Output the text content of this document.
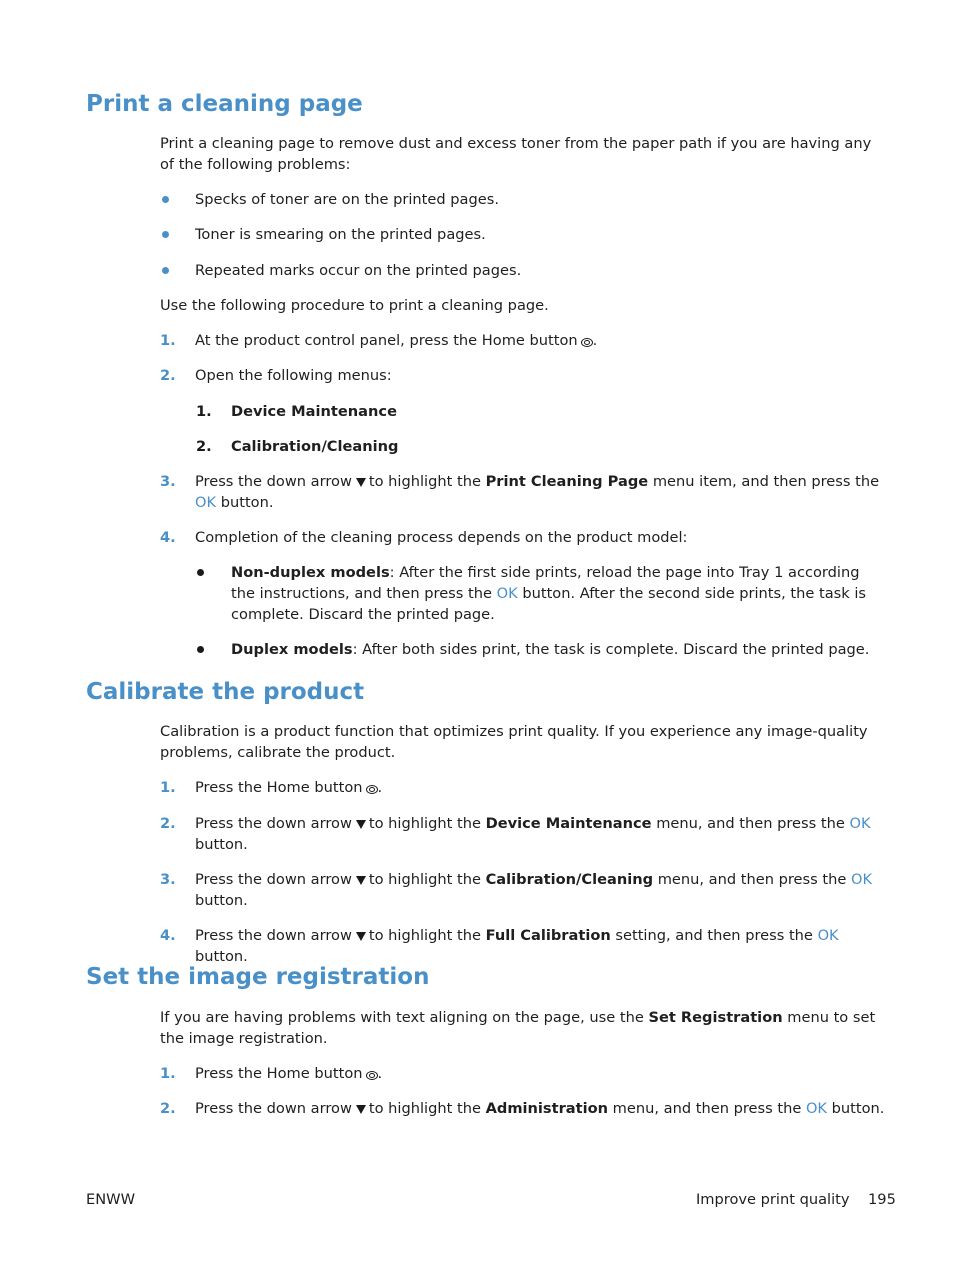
Print a cleaning page

Print a cleaning page to remove dust and excess toner from the paper path if you are having any of the following problems:

Specks of toner are on the printed pages.

Toner is smearing on the printed pages.

Repeated marks occur on the printed pages.

Use the following procedure to print a cleaning page.

1. At the product control panel, press the Home button .

2. Open the following menus:

1. Device Maintenance

2. Calibration/Cleaning

3. Press the down arrow to highlight the Print Cleaning Page menu item, and then press the OK button.

4. Completion of the cleaning process depends on the product model:

Non-duplex models: After the first side prints, reload the page into Tray 1 according the instructions, and then press the OK button. After the second side prints, the task is complete. Discard the printed page.

Duplex models: After both sides print, the task is complete. Discard the printed page.

Calibrate the product

Calibration is a product function that optimizes print quality. If you experience any image-quality problems, calibrate the product.

1. Press the Home button .

2. Press the down arrow to highlight the Device Maintenance menu, and then press the OK
button.

3. Press the down arrow to highlight the Calibration/Cleaning menu, and then press the OK
button.

4. Press the down arrow to highlight the Full Calibration setting, and then press the OK button.

Set the image registration

If you are having problems with text aligning on the page, use the Set Registration menu to set the image registration.

1. Press the Home button .

2. Press the down arrow to highlight the Administration menu, and then press the OK button.

ENWW	Improve print quality 195
